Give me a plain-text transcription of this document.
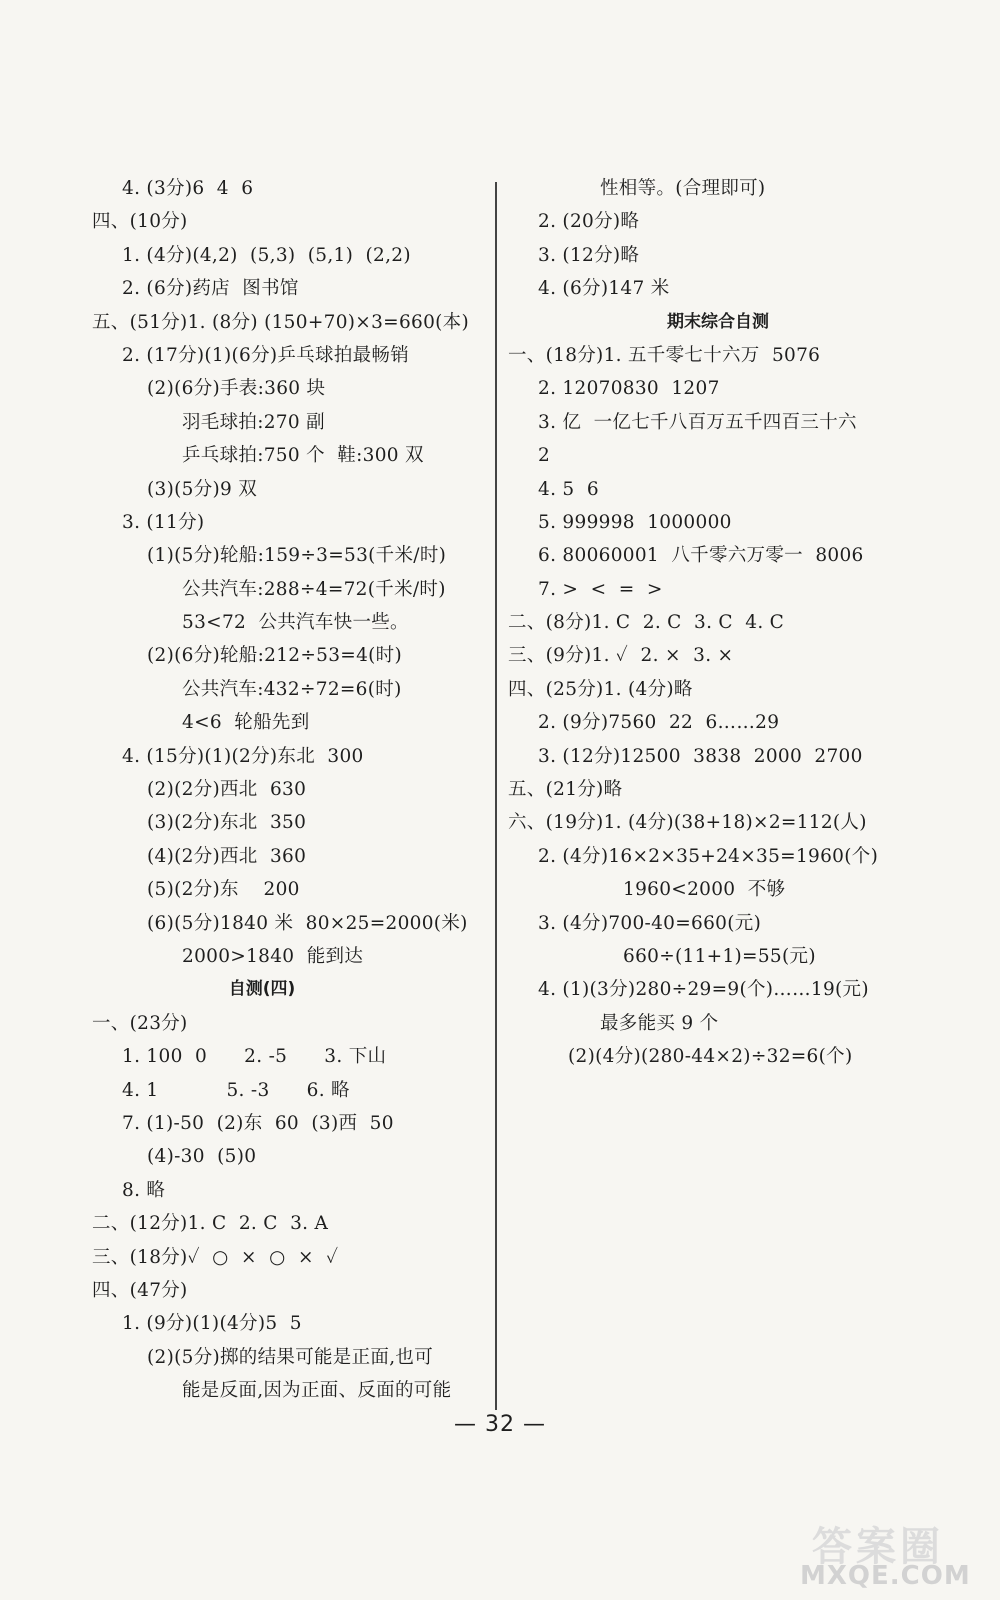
4. (3分)6  4  6
四、(10分)
1. (4分)(4,2)  (5,3)  (5,1)  (2,2)
2. (6分)药店  图书馆
五、(51分)1. (8分) (150+70)×3=660(本)
2. (17分)(1)(6分)乒乓球拍最畅销
(2)(6分)手表:360 块
羽毛球拍:270 副
乒乓球拍:750 个  鞋:300 双
(3)(5分)9 双
3. (11分)
(1)(5分)轮船:159÷3=53(千米/时)
公共汽车:288÷4=72(千米/时)
53<72  公共汽车快一些。
(2)(6分)轮船:212÷53=4(时)
公共汽车:432÷72=6(时)
4<6  轮船先到
4. (15分)(1)(2分)东北  300
(2)(2分)西北  630
(3)(2分)东北  350
(4)(2分)西北  360
(5)(2分)东    200
(6)(5分)1840 米  80×25=2000(米)
2000>1840  能到达
自测(四)
一、(23分)
1. 100  0      2. -5      3. 下山
4. 1           5. -3      6. 略
7. (1)-50  (2)东  60  (3)西  50
(4)-30  (5)0
8. 略
二、(12分)1. C  2. C  3. A
三、(18分)✓  ○  ×  ○  ×  ✓
四、(47分)
1. (9分)(1)(4分)5  5
(2)(5分)掷的结果可能是正面,也可
能是反面,因为正面、反面的可能
性相等。(合理即可)
2. (20分)略
3. (12分)略
4. (6分)147 米
期末综合自测
一、(18分)1. 五千零七十六万  5076
2. 12070830  1207
3. 亿  一亿七千八百万五千四百三十六
2
4. 5  6
5. 999998  1000000
6. 80060001  八千零六万零一  8006
7. >  <  =  >
二、(8分)1. C  2. C  3. C  4. C
三、(9分)1. ✓  2. ×  3. ×
四、(25分)1. (4分)略
2. (9分)7560  22  6……29
3. (12分)12500  3838  2000  2700
五、(21分)略
六、(19分)1. (4分)(38+18)×2=112(人)
2. (4分)16×2×35+24×35=1960(个)
1960<2000  不够
3. (4分)700-40=660(元)
660÷(11+1)=55(元)
4. (1)(3分)280÷29=9(个)……19(元)
最多能买 9 个
(2)(4分)(280-44×2)÷32=6(个)
— 32 —
答案圈
MXQE.COM
